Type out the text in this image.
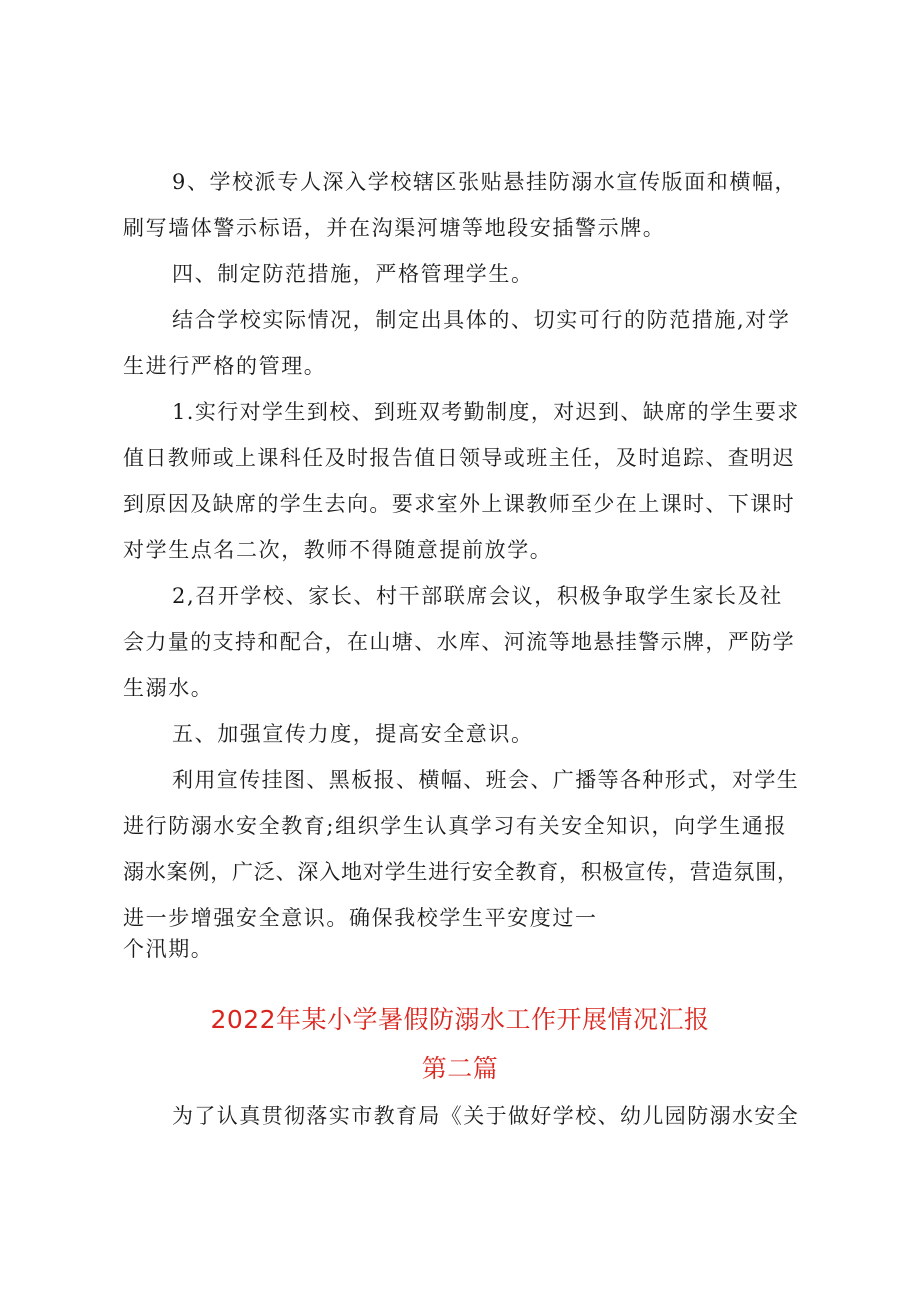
9、学校派专人深入学校辖区张贴悬挂防溺水宣传版面和横幅，
刷写墙体警示标语，并在沟渠河塘等地段安插警示牌。
四、制定防范措施，严格管理学生。
结合学校实际情况，制定出具体的、切实可行的防范措施,对学
生进行严格的管理。
1.实行对学生到校、到班双考勤制度，对迟到、缺席的学生要求
值日教师或上课科任及时报告值日领导或班主任，及时追踪、查明迟
到原因及缺席的学生去向。要求室外上课教师至少在上课时、下课时
对学生点名二次，教师不得随意提前放学。
2,召开学校、家长、村干部联席会议，积极争取学生家长及社
会力量的支持和配合，在山塘、水库、河流等地悬挂警示牌，严防学
生溺水。
五、加强宣传力度，提高安全意识。
利用宣传挂图、黑板报、横幅、班会、广播等各种形式，对学生
进行防溺水安全教育;组织学生认真学习有关安全知识，向学生通报
溺水案例，广泛、深入地对学生进行安全教育，积极宣传，营造氛围，
进一步增强安全意识。确保我校学生平安度过一
个汛期。
2022年某小学暑假防溺水工作开展情况汇报
第二篇
为了认真贯彻落实市教育局《关于做好学校、幼儿园防溺水安全
